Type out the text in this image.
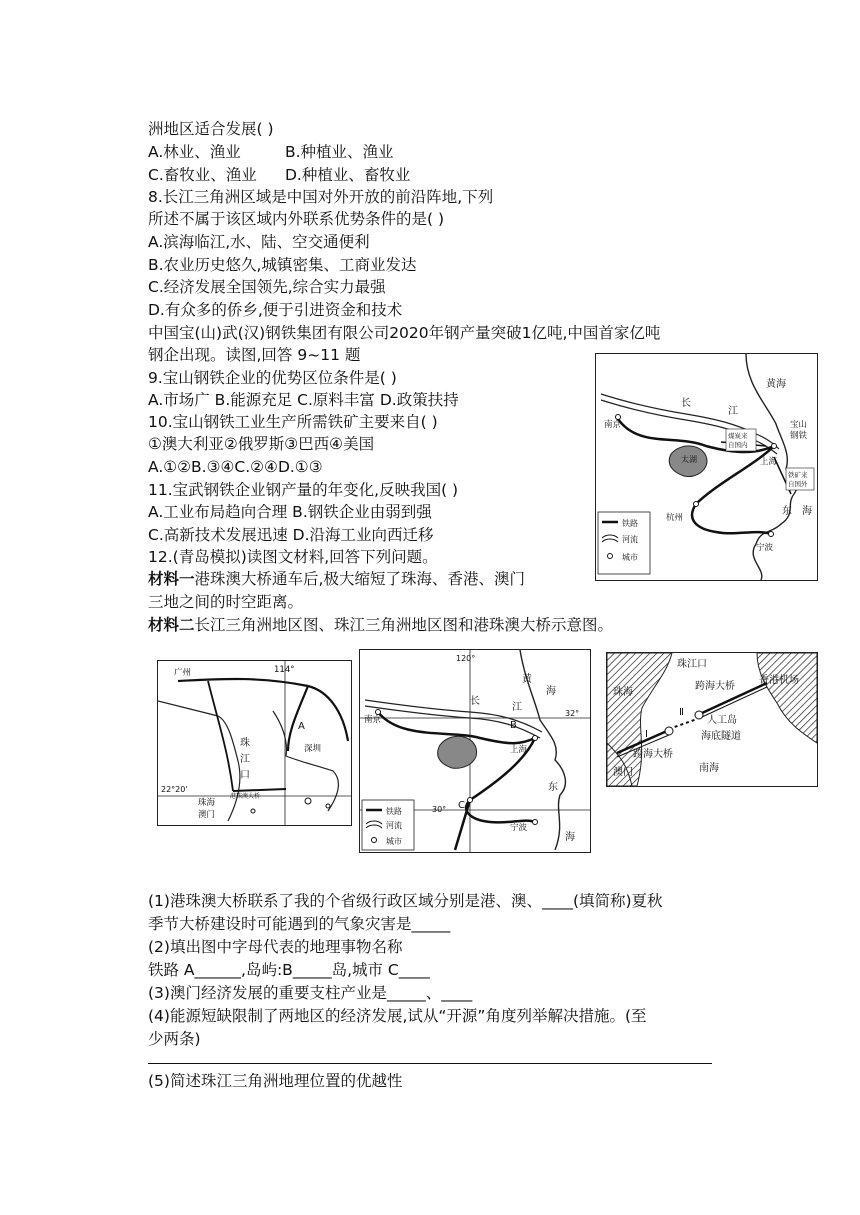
洲地区适合发展( )
A.林业、渔业	B.种植业、渔业
C.畜牧业、渔业 D.种植业、畜牧业
8.长江三角洲区域是中国对外开放的前沿阵地,下列
所述不属于该区域内外联系优势条件的是( )
A.滨海临江,水、陆、空交通便利
B.农业历史悠久,城镇密集、工商业发达
C.经济发展全国领先,综合实力最强
D.有众多的侨乡,便于引进资金和技术
中国宝(山)武(汉)钢铁集团有限公司2020年钢产量突破1亿吨,中国首家亿吨
钢企出现。读图,回答 9~11 题
9.宝山钢铁企业的优势区位条件是( )
A.市场广 B.能源充足 C.原料丰富 D.政策扶持
10.宝山钢铁工业生产所需铁矿主要来自( )
①澳大利亚②俄罗斯③巴西④美国
A.①②B.③④C.②④D.①③
11.宝武钢铁企业钢产量的年变化,反映我国( )
A.工业布局趋向合理 B.钢铁企业由弱到强
C.高新技术发展迅速 D.沿海工业向西迁移
12.(青岛模拟)读图文材料,回答下列问题。
材料一港珠澳大桥通车后,极大缩短了珠海、香港、澳门
三地之间的时空距离。
材料二长江三角洲地区图、珠江三角洲地区图和港珠澳大桥示意图。
黄海
长
江
南京
太湖
宝山
钢铁
煤炭来
自国内
上海
铁矿来
自国外
东 海
杭州
宁波
铁路
河流
城市
广州	114°
珠
江
口
A
深圳
22°20'
珠海
澳门
港珠澳大桥
120°
黄
海
长
江
南京	B
32°
上海
东
30° C
宁波
海
铁路
河流
城市
珠江口
珠海
跨海大桥
香港机场
Ⅱ
人工岛
海底隧道
Ⅰ
跨海大桥
澳门	南海
(1)港珠澳大桥联系了我的个省级行政区域分别是港、澳、____(填简称)夏秋
季节大桥建设时可能遇到的气象灾害是_____
(2)填出图中字母代表的地理事物名称
铁路 A______,岛屿:B_____岛,城市 C____
(3)澳门经济发展的重要支柱产业是_____、____
(4)能源短缺限制了两地区的经济发展,试从“开源”角度列举解决措施。(至
少两条)
(5)简述珠江三角洲地理位置的优越性
